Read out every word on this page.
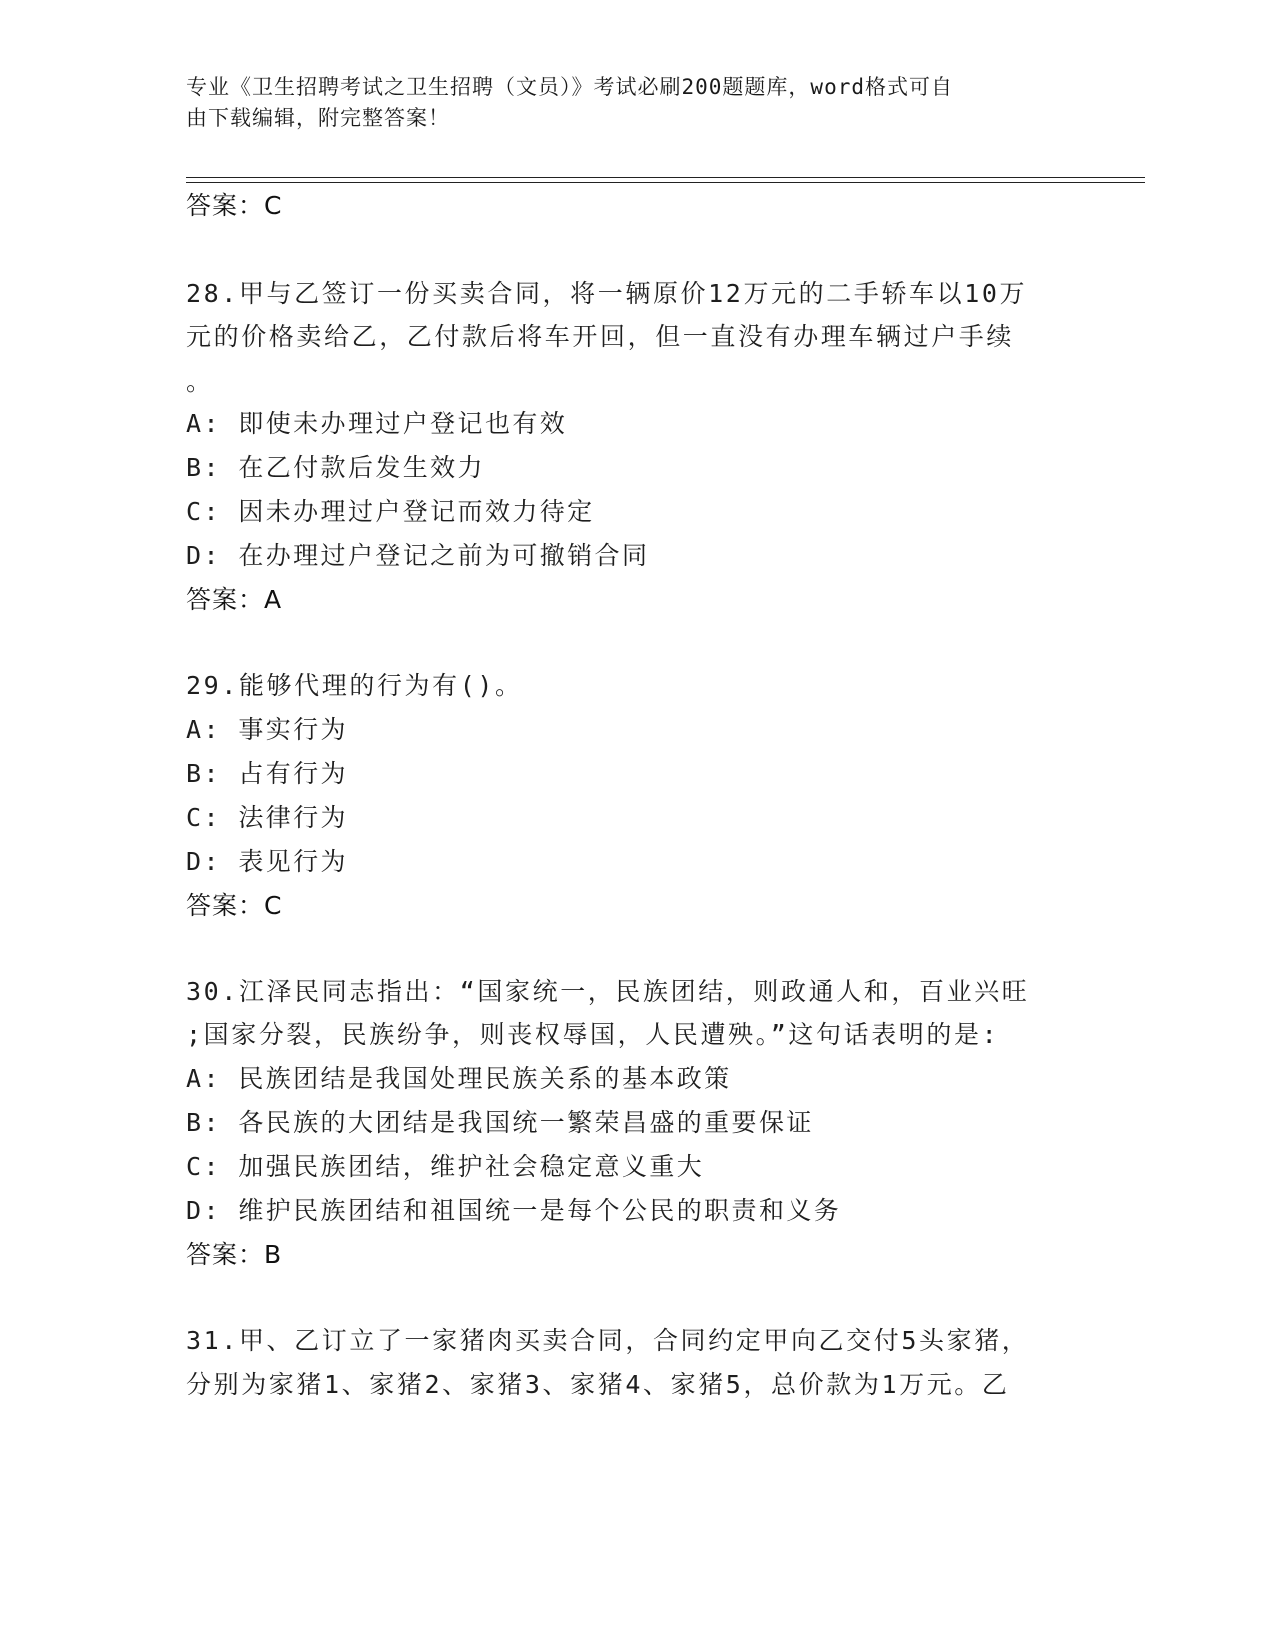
专业《卫生招聘考试之卫生招聘（文员）》考试必刷200题题库，word格式可自
由下载编辑，附完整答案！
答案：C
28.甲与乙签订一份买卖合同，将一辆原价12万元的二手轿车以10万
元的价格卖给乙，乙付款后将车开回，但一直没有办理车辆过户手续
。
A: 即使未办理过户登记也有效
B: 在乙付款后发生效力
C: 因未办理过户登记而效力待定
D: 在办理过户登记之前为可撤销合同
答案：A
29.能够代理的行为有()。
A: 事实行为
B: 占有行为
C: 法律行为
D: 表见行为
答案：C
30.江泽民同志指出：“国家统一，民族团结，则政通人和，百业兴旺
;国家分裂，民族纷争，则丧权辱国，人民遭殃。”这句话表明的是:
A: 民族团结是我国处理民族关系的基本政策
B: 各民族的大团结是我国统一繁荣昌盛的重要保证
C: 加强民族团结，维护社会稳定意义重大
D: 维护民族团结和祖国统一是每个公民的职责和义务
答案：B
31.甲、乙订立了一家猪肉买卖合同，合同约定甲向乙交付5头家猪，
分别为家猪1、家猪2、家猪3、家猪4、家猪5，总价款为1万元。乙
